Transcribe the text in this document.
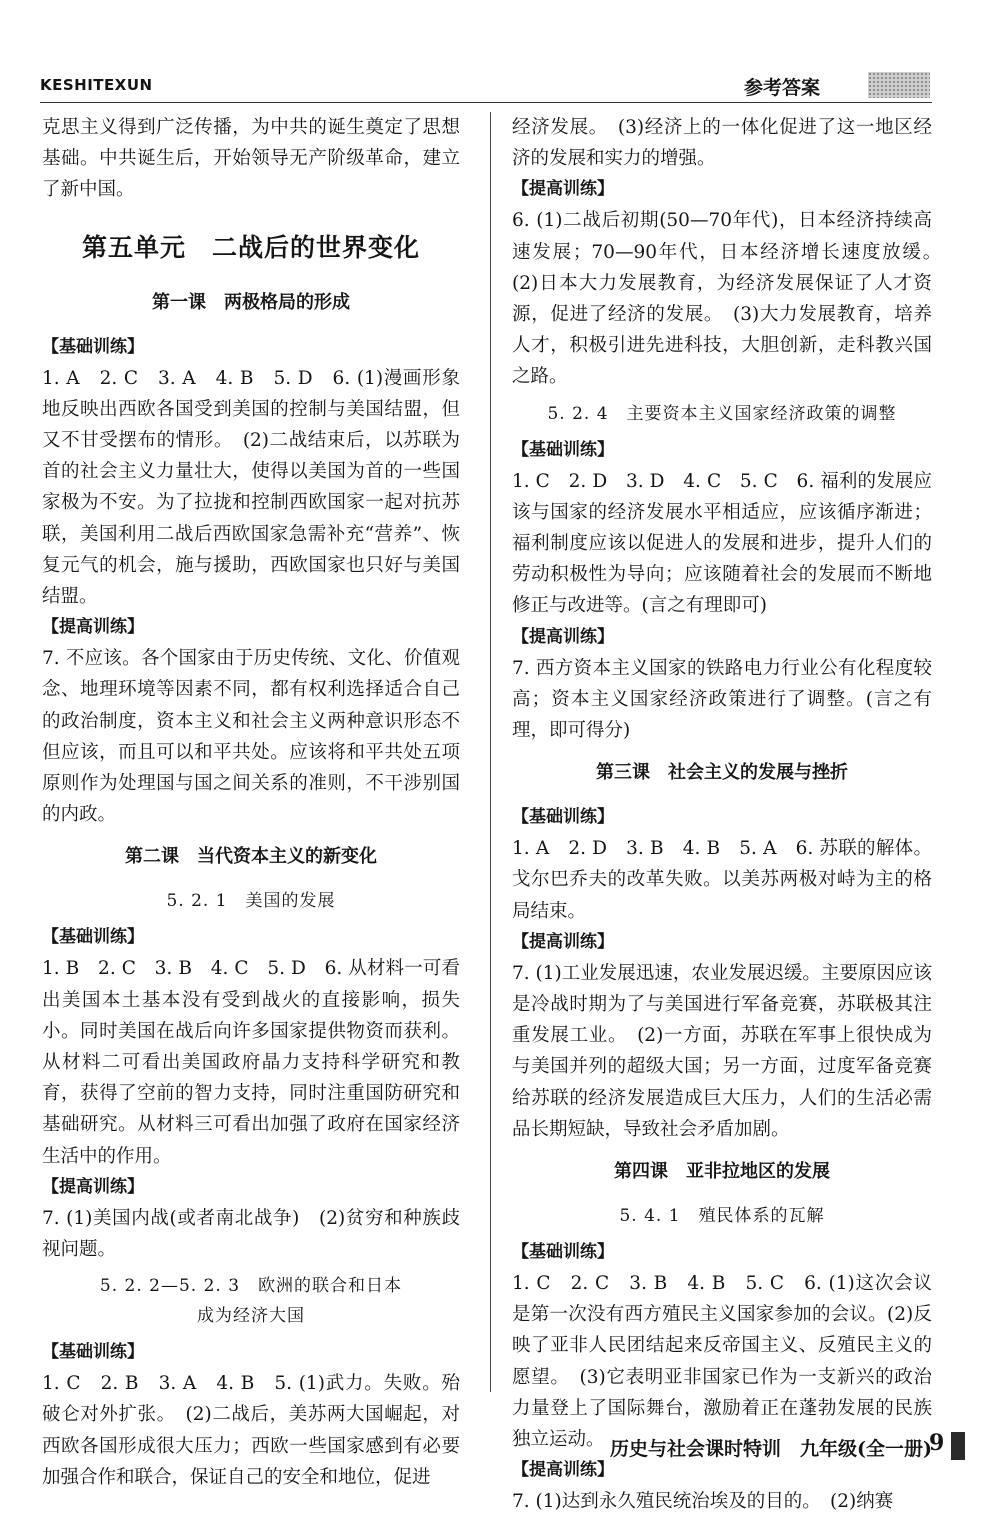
KESHITEXUN	参考答案

克思主义得到广泛传播，为中共的诞生奠定了思想基础。中共诞生后，开始领导无产阶级革命，建立了新中国。

第五单元　二战后的世界变化
第一课　两极格局的形成
【基础训练】
1. A　2. C　3. A　4. B　5. D　6. (1)漫画形象地反映出西欧各国受到美国的控制与美国结盟，但又不甘受摆布的情形。　(2)二战结束后，以苏联为首的社会主义力量壮大，使得以美国为首的一些国家极为不安。为了拉拢和控制西欧国家一起对抗苏联，美国利用二战后西欧国家急需补充“营养”、恢复元气的机会，施与援助，西欧国家也只好与美国结盟。
【提高训练】
7. 不应该。各个国家由于历史传统、文化、价值观念、地理环境等因素不同，都有权利选择适合自己的政治制度，资本主义和社会主义两种意识形态不但应该，而且可以和平共处。应该将和平共处五项原则作为处理国与国之间关系的准则，不干涉别国的内政。
第二课　当代资本主义的新变化
5. 2. 1　美国的发展
【基础训练】
1. B　2. C　3. B　4. C　5. D　6. 从材料一可看出美国本土基本没有受到战火的直接影响，损失小。同时美国在战后向许多国家提供物资而获利。从材料二可看出美国政府晶力支持科学研究和教育，获得了空前的智力支持，同时注重国防研究和基础研究。从材料三可看出加强了政府在国家经济生活中的作用。
【提高训练】
7. (1)美国内战(或者南北战争)　(2)贫穷和种族歧视问题。
5. 2. 2—5. 2. 3　欧洲的联合和日本
成为经济大国
【基础训练】
1. C　2. B　3. A　4. B　5. (1)武力。失败。殆破仑对外扩张。　(2)二战后，美苏两大国崛起，对西欧各国形成很大压力；西欧一些国家感到有必要加强合作和联合，保证自己的安全和地位，促进
经济发展。　(3)经济上的一体化促进了这一地区经济的发展和实力的增强。
【提高训练】
6. (1)二战后初期(50—70年代)，日本经济持续高速发展；70—90年代，日本经济增长速度放缓。　(2)日本大力发展教育，为经济发展保证了人才资源，促进了经济的发展。　(3)大力发展教育，培养人才，积极引进先进科技，大胆创新，走科教兴国之路。
5. 2. 4　主要资本主义国家经济政策的调整
【基础训练】
1. C　2. D　3. D　4. C　5. C　6. 福利的发展应该与国家的经济发展水平相适应，应该循序渐进；福利制度应该以促进人的发展和进步，提升人们的劳动积极性为导向；应该随着社会的发展而不断地修正与改进等。(言之有理即可)
【提高训练】
7. 西方资本主义国家的铁路电力行业公有化程度较高；资本主义国家经济政策进行了调整。(言之有理，即可得分)
第三课　社会主义的发展与挫折
【基础训练】
1. A　2. D　3. B　4. B　5. A　6. 苏联的解体。戈尔巴乔夫的改革失败。以美苏两极对峙为主的格局结束。
【提高训练】
7. (1)工业发展迅速，农业发展迟缓。主要原因应该是冷战时期为了与美国进行军备竞赛，苏联极其注重发展工业。　(2)一方面，苏联在军事上很快成为与美国并列的超级大国；另一方面，过度军备竞赛给苏联的经济发展造成巨大压力，人们的生活必需品长期短缺，导致社会矛盾加剧。
第四课　亚非拉地区的发展
5. 4. 1　殖民体系的瓦解
【基础训练】
1. C　2. C　3. B　4. B　5. C　6. (1)这次会议是第一次没有西方殖民主义国家参加的会议。(2)反映了亚非人民团结起来反帝国主义、反殖民主义的愿望。　(3)它表明亚非国家已作为一支新兴的政治力量登上了国际舞台，激励着正在蓬勃发展的民族独立运动。
【提高训练】
7. (1)达到永久殖民统治埃及的目的。　(2)纳赛
历史与社会课时特训　九年级(全一册)
9
